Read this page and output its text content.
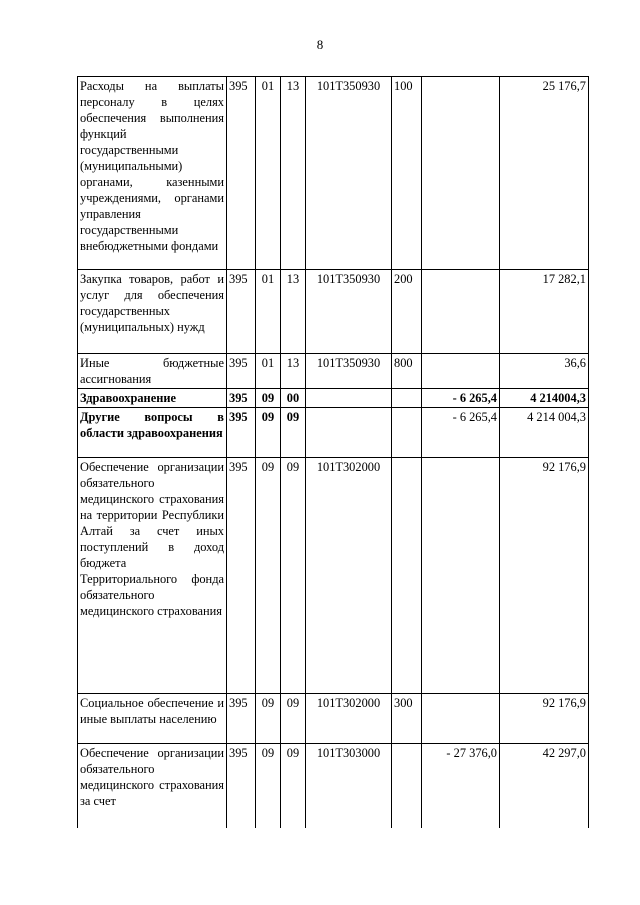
8
Расходы на выплаты персоналу в целях обеспечения выполнения функций государственными (муниципальными) органами, казенными учреждениями, органами управления государственными внебюджетными фондами	395	01	13	101Т350930	100		25 176,7
Закупка товаров, работ и услуг для обеспечения государственных (муниципальных) нужд	395	01	13	101Т350930	200		17 282,1
Иные бюджетные ассигнования	395	01	13	101Т350930	800		36,6
Здравоохранение	395	09	00			- 6 265,4	4 214004,3
Другие вопросы в области здравоохранения	395	09	09			- 6 265,4	4 214 004,3
Обеспечение организации обязательного медицинского страхования на территории Республики Алтай за счет иных поступлений в доход бюджета Территориального фонда обязательного медицинского страхования	395	09	09	101Т302000			92 176,9
Социальное обеспечение и иные выплаты населению	395	09	09	101Т302000	300		92 176,9
Обеспечение организации обязательного медицинского страхования за счет	395	09	09	101Т303000		- 27 376,0	42 297,0
